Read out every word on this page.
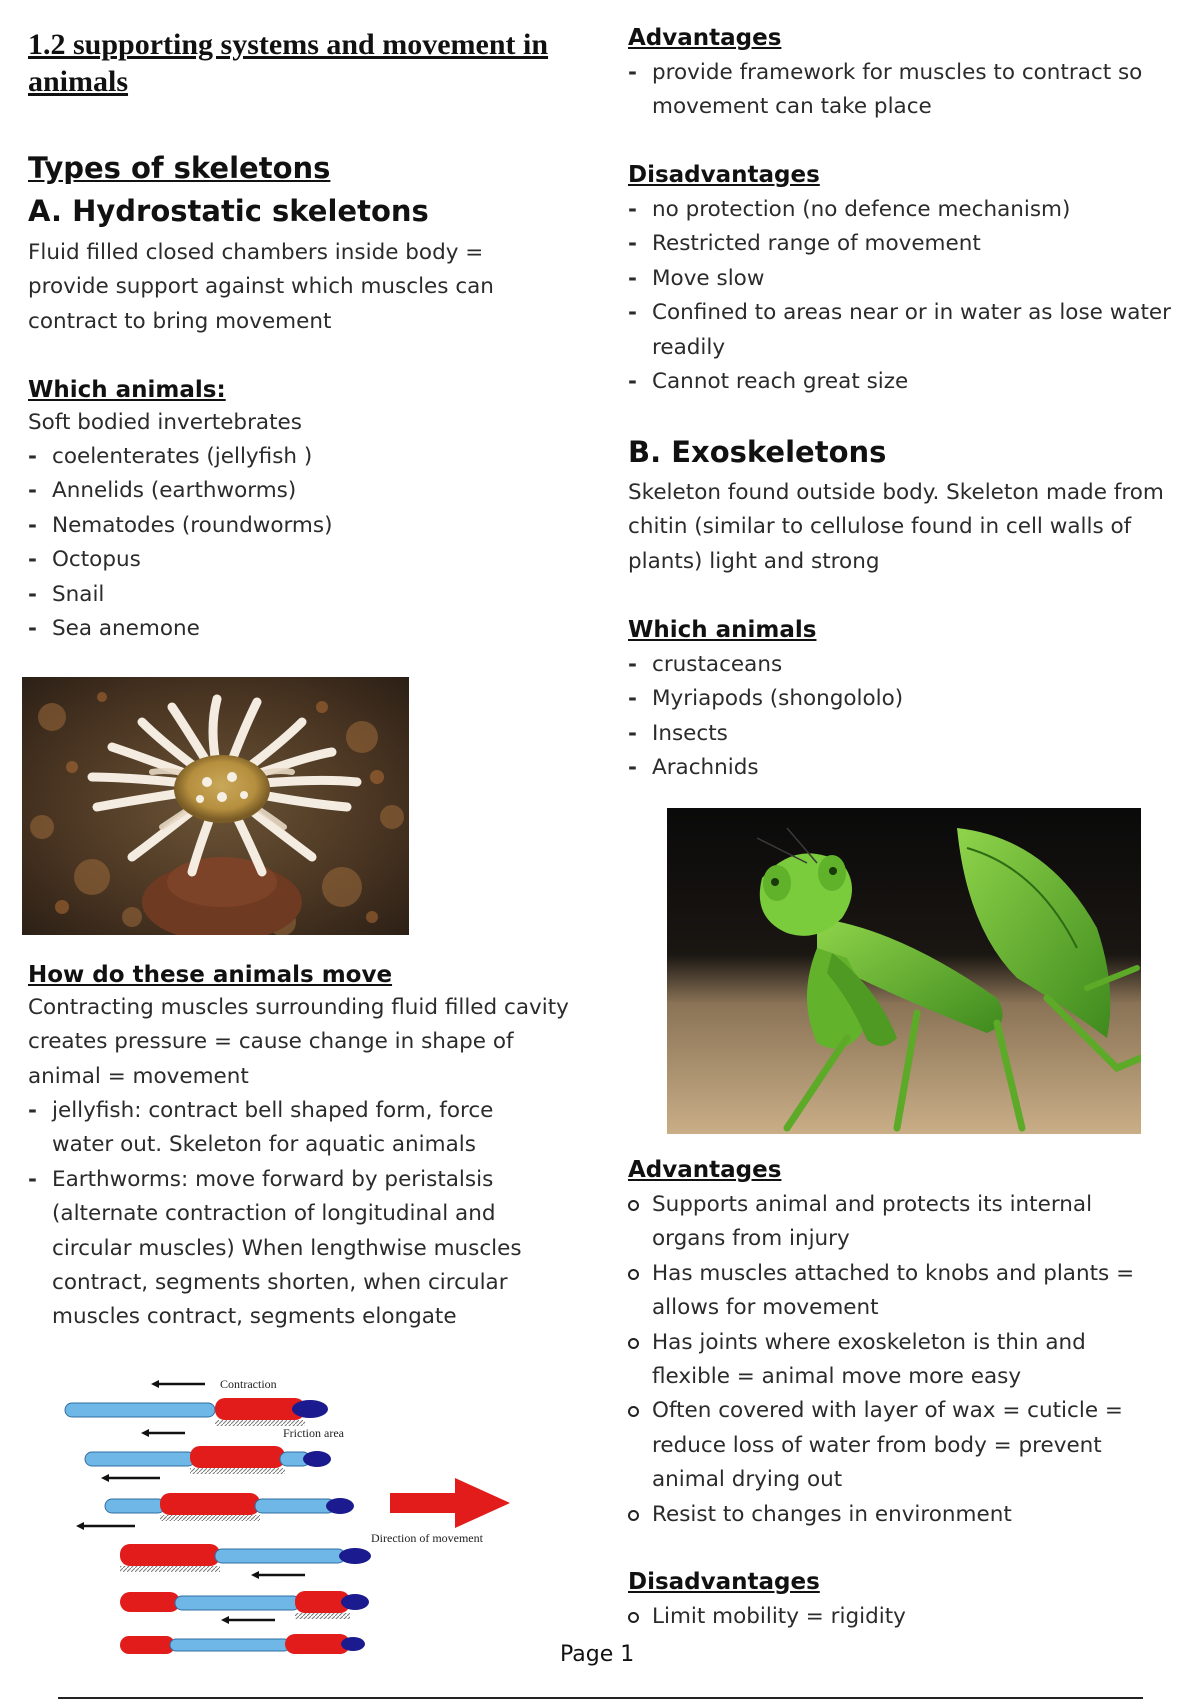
1.2 supporting systems and movement in animals
Types of skeletons
A. Hydrostatic skeletons

Fluid filled closed chambers inside body = provide support against which muscles can contract to bring movement

Which animals:

Soft bodied invertebrates

- coelenterates (jellyfish )
- Annelids (earthworms)
- Nematodes (roundworms)
- Octopus
- Snail
- Sea anemone
How do these animals move

Contracting muscles surrounding fluid filled cavity creates pressure = cause change in shape of animal = movement

- jellyfish: contract bell shaped form, force water out. Skeleton for aquatic animals
- Earthworms: move forward by peristalsis (alternate contraction of longitudinal and circular muscles) When lengthwise muscles contract, segments shorten, when circular muscles contract, segments elongate
Contraction
Friction area
Direction of movement
Advantages
- provide framework for muscles to contract so movement can take place
Disadvantages
- no protection (no defence mechanism)
- Restricted range of movement
- Move slow
- Confined to areas near or in water as lose water readily
- Cannot reach great size
B. Exoskeletons

Skeleton found outside body. Skeleton made from chitin (similar to cellulose found in cell walls of plants) light and strong

Which animals
- crustaceans
- Myriapods (shongololo)
- Insects
- Arachnids
Advantages
Supports animal and protects its internal organs from injury
Has muscles attached to knobs and plants = allows for movement
Has joints where exoskeleton is thin and flexible = animal move more easy
Often covered with layer of wax = cuticle = reduce loss of water from body = prevent animal drying out
Resist to changes in environment
Disadvantages
Limit mobility = rigidity
Page 1
